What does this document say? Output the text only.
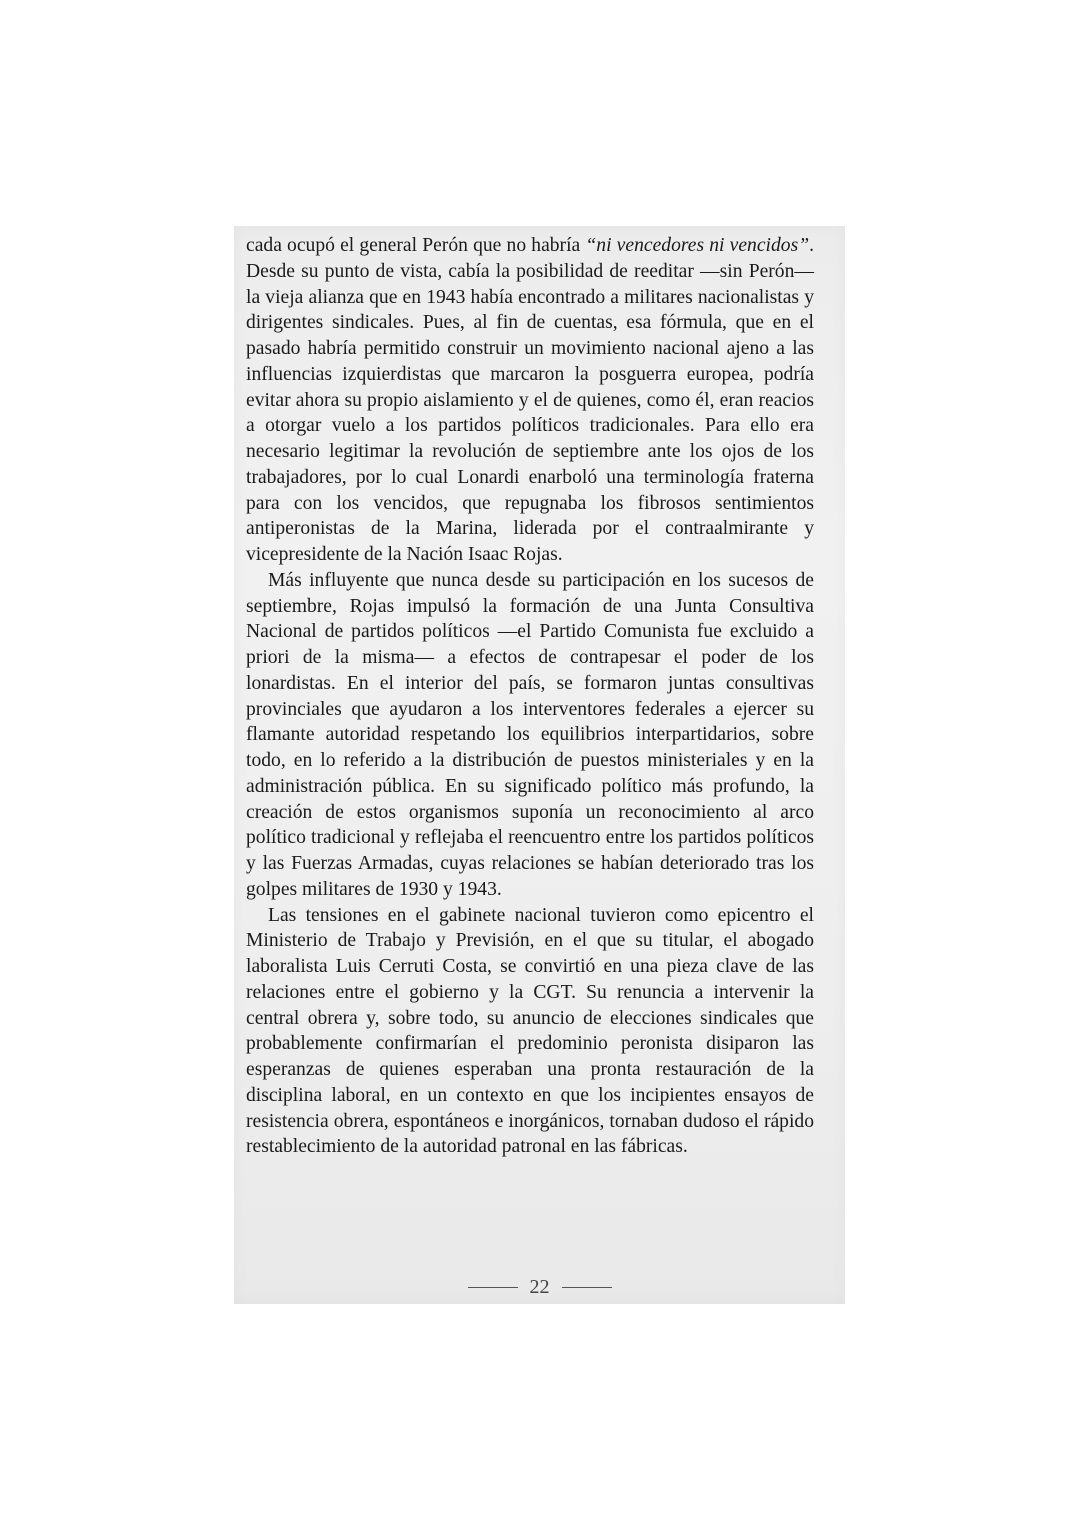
cada ocupó el general Perón que no habría “ni vencedores ni vencidos”. Desde su punto de vista, cabía la posibilidad de reeditar —sin Perón— la vieja alianza que en 1943 había encontrado a militares nacionalistas y dirigentes sindicales. Pues, al fin de cuentas, esa fórmula, que en el pasado habría permitido construir un movimiento nacional ajeno a las influencias izquierdistas que marcaron la posguerra europea, podría evitar ahora su propio aislamiento y el de quienes, como él, eran reacios a otorgar vuelo a los partidos políticos tradicionales. Para ello era necesario legitimar la revolución de septiembre ante los ojos de los trabajadores, por lo cual Lonardi enarboló una terminología fraterna para con los vencidos, que repugnaba los fibrosos sentimientos antiperonistas de la Marina, liderada por el contraalmirante y vicepresidente de la Nación Isaac Rojas.

Más influyente que nunca desde su participación en los sucesos de septiembre, Rojas impulsó la formación de una Junta Consultiva Nacional de partidos políticos —el Partido Comunista fue excluido a priori de la misma— a efectos de contrapesar el poder de los lonardistas. En el interior del país, se formaron juntas consultivas provinciales que ayudaron a los interventores federales a ejercer su flamante autoridad respetando los equilibrios interpartidarios, sobre todo, en lo referido a la distribución de puestos ministeriales y en la administración pública. En su significado político más profundo, la creación de estos organismos suponía un reconocimiento al arco político tradicional y reflejaba el reencuentro entre los partidos políticos y las Fuerzas Armadas, cuyas relaciones se habían deteriorado tras los golpes militares de 1930 y 1943.

Las tensiones en el gabinete nacional tuvieron como epicentro el Ministerio de Trabajo y Previsión, en el que su titular, el abogado laboralista Luis Cerruti Costa, se convirtió en una pieza clave de las relaciones entre el gobierno y la CGT. Su renuncia a intervenir la central obrera y, sobre todo, su anuncio de elecciones sindicales que probablemente confirmarían el predominio peronista disiparon las esperanzas de quienes esperaban una pronta restauración de la disciplina laboral, en un contexto en que los incipientes ensayos de resistencia obrera, espontáneos e inorgánicos, tornaban dudoso el rápido restablecimiento de la autoridad patronal en las fábricas.

22
